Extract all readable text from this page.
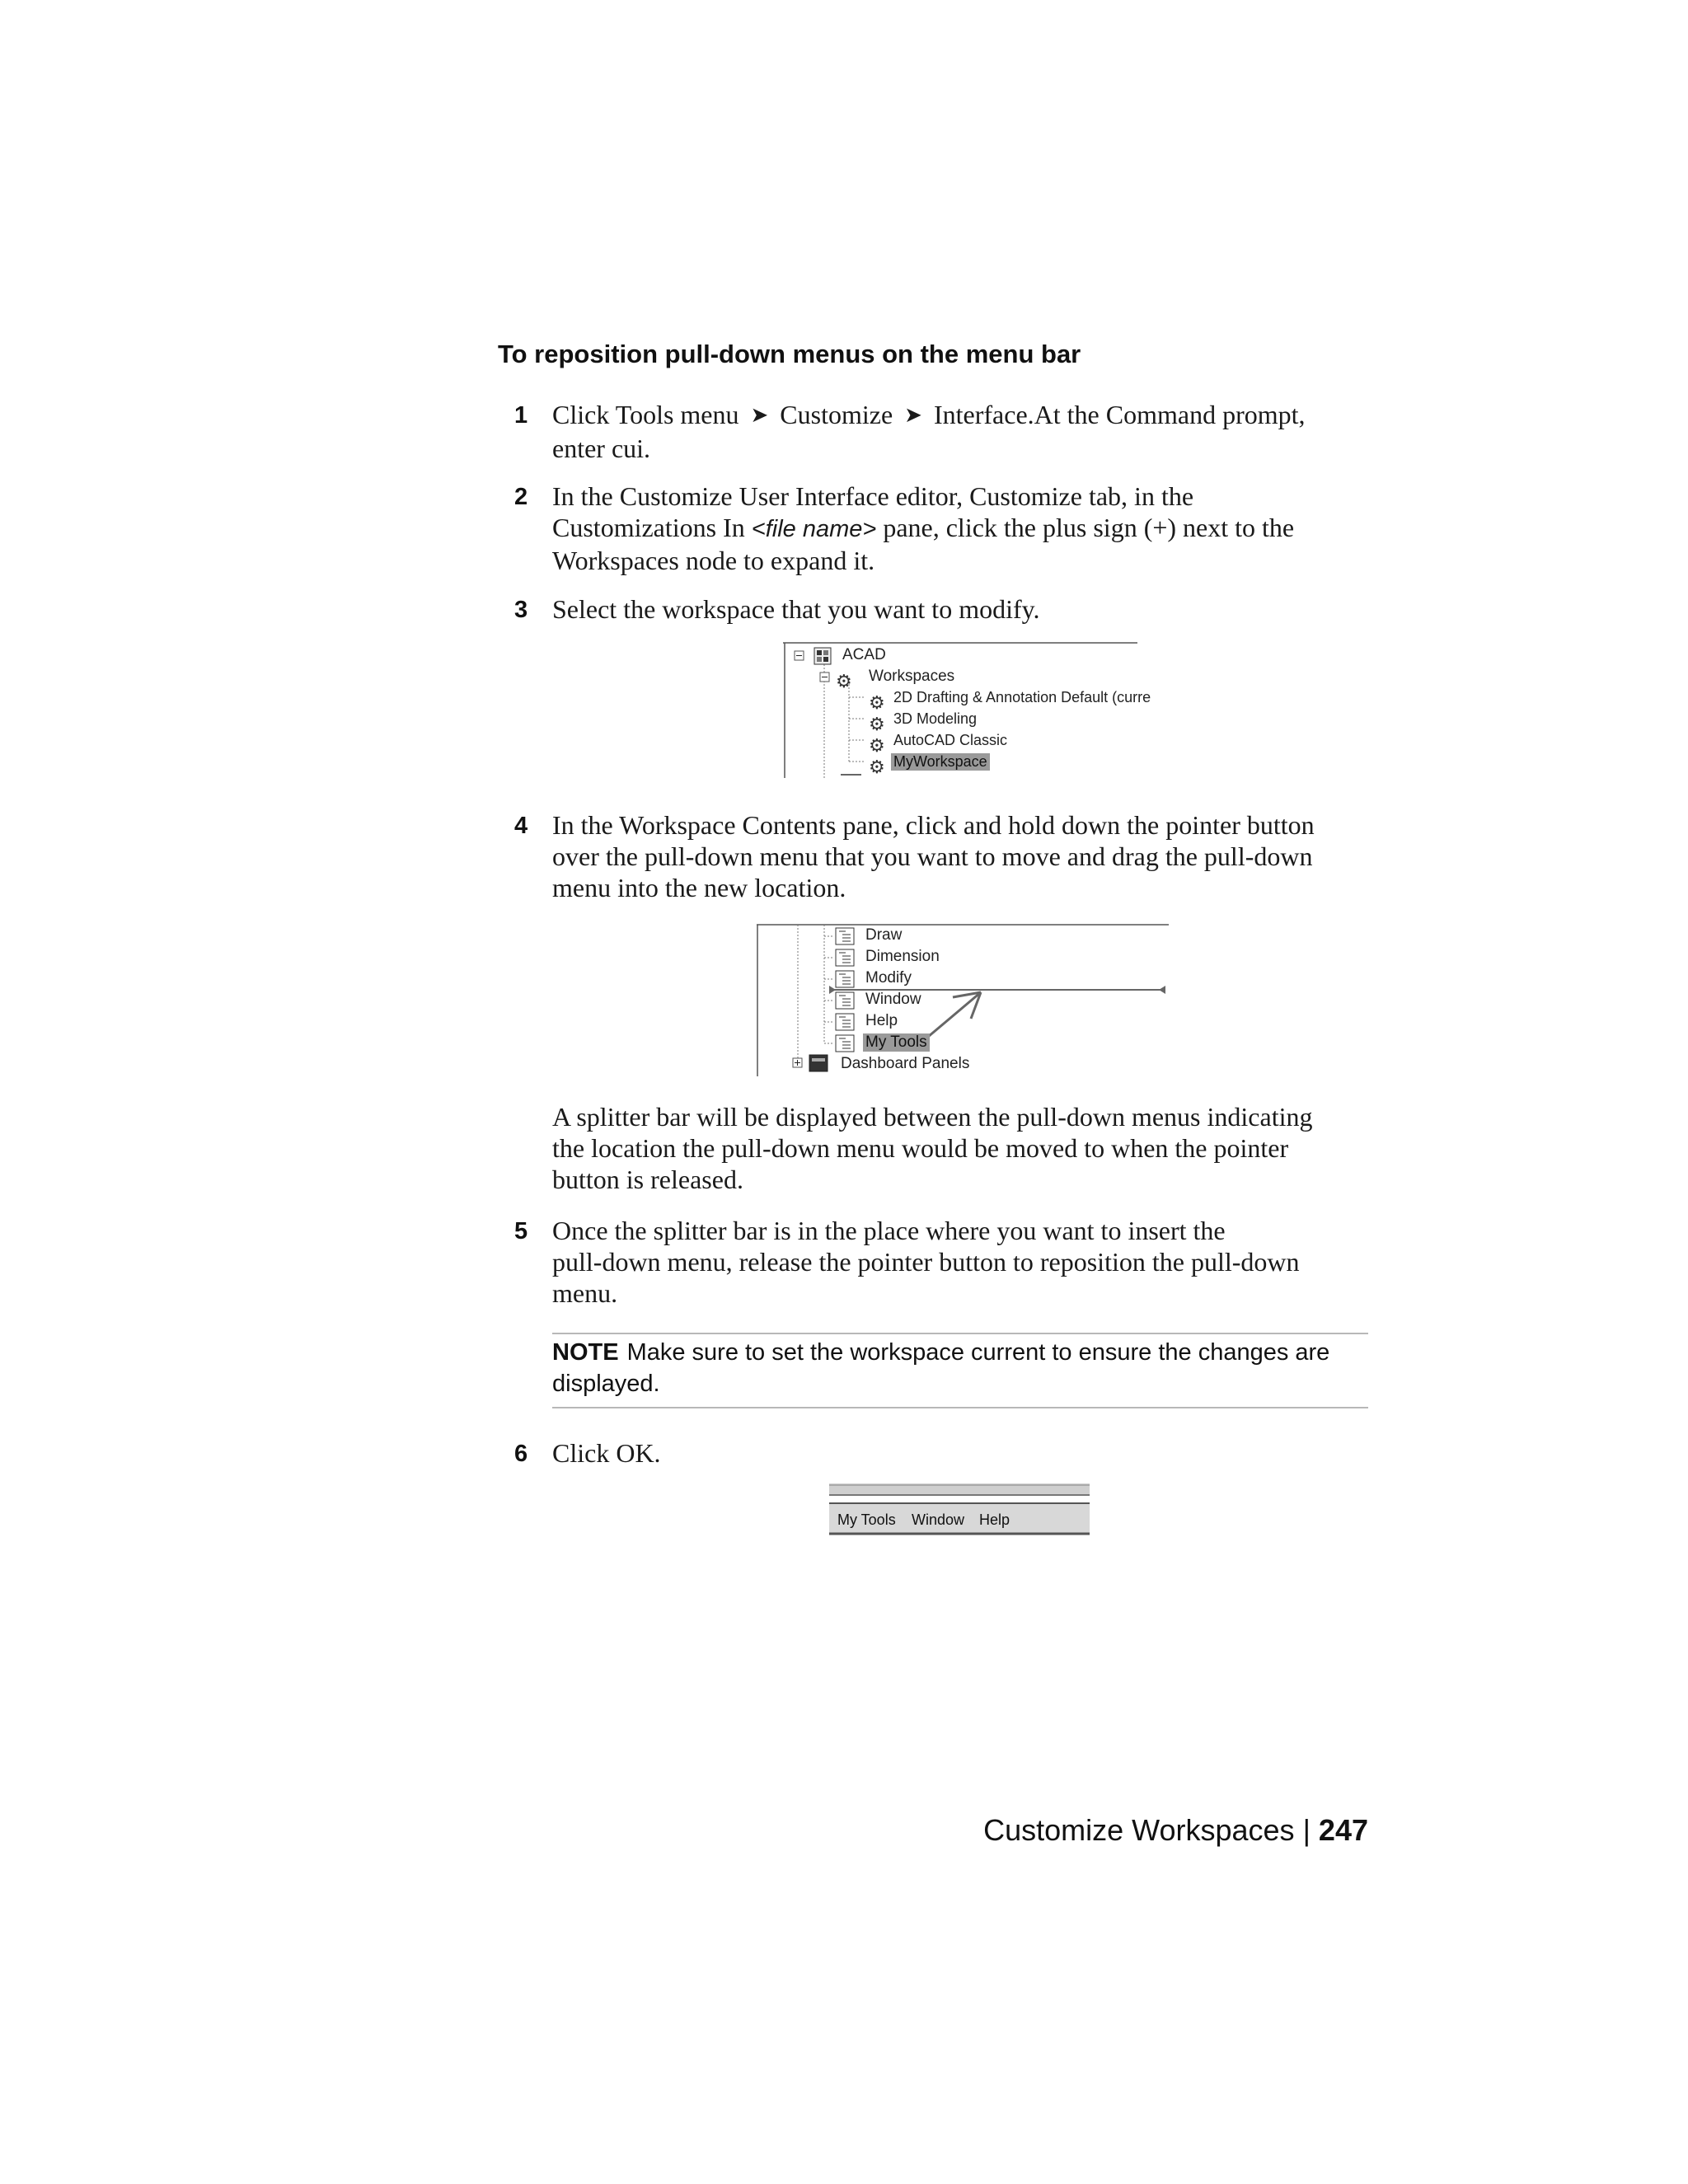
To reposition pull-down menus on the menu bar
1 Click Tools menu ➤ Customize ➤ Interface.At the Command prompt,
enter cui.
2 In the Customize User Interface editor, Customize tab, in the
Customizations In <file name> pane, click the plus sign (+) next to the
Workspaces node to expand it.
3 Select the workspace that you want to modify.
⚙
⚙
⚙
⚙
⚙
ACAD
Workspaces
2D Drafting & Annotation Default (curre
3D Modeling
AutoCAD Classic
MyWorkspace
4 In the Workspace Contents pane, click and hold down the pointer button
over the pull-down menu that you want to move and drag the pull-down
menu into the new location.
Draw
Dimension
Modify
Window
Help
My Tools
Dashboard Panels
A splitter bar will be displayed between the pull-down menus indicating
the location the pull-down menu would be moved to when the pointer
button is released.
5 Once the splitter bar is in the place where you want to insert the
pull-down menu, release the pointer button to reposition the pull-down
menu.
NOTE Make sure to set the workspace current to ensure the changes are
displayed.
6 Click OK.
My Tools Window Help
Customize Workspaces | 247
